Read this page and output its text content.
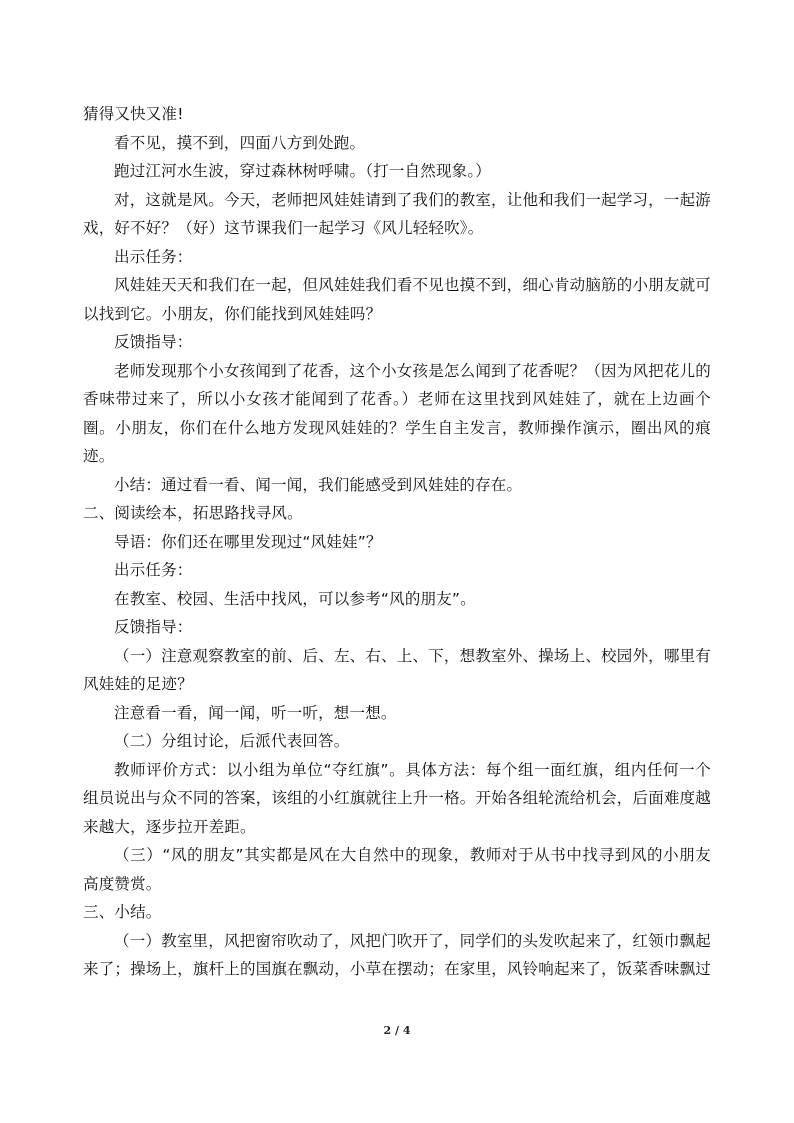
猜得又快又准!

看不见，摸不到，四面八方到处跑。

跑过江河水生波，穿过森林树呼啸。（打一自然现象。）

对，这就是风。今天，老师把风娃娃请到了我们的教室，让他和我们一起学习，一起游戏，好不好？（好）这节课我们一起学习《风儿轻轻吹》。

出示任务：

风娃娃天天和我们在一起，但风娃娃我们看不见也摸不到，细心肯动脑筋的小朋友就可以找到它。小朋友，你们能找到风娃娃吗？

反馈指导：

老师发现那个小女孩闻到了花香，这个小女孩是怎么闻到了花香呢？（因为风把花儿的香味带过来了，所以小女孩才能闻到了花香。）老师在这里找到风娃娃了，就在上边画个圈。小朋友，你们在什么地方发现风娃娃的？学生自主发言，教师操作演示，圈出风的痕迹。

小结：通过看一看、闻一闻，我们能感受到风娃娃的存在。

二、阅读绘本，拓思路找寻风。

导语：你们还在哪里发现过“风娃娃”？

出示任务：

在教室、校园、生活中找风，可以参考“风的朋友”。

反馈指导：

（一）注意观察教室的前、后、左、右、上、下，想教室外、操场上、校园外，哪里有风娃娃的足迹？

注意看一看，闻一闻，听一听，想一想。

（二）分组讨论，后派代表回答。

教师评价方式：以小组为单位“夺红旗”。具体方法：每个组一面红旗，组内任何一个组员说出与众不同的答案，该组的小红旗就往上升一格。开始各组轮流给机会，后面难度越来越大，逐步拉开差距。

（三）“风的朋友”其实都是风在大自然中的现象，教师对于从书中找寻到风的小朋友高度赞赏。

三、小结。

（一）教室里，风把窗帘吹动了，风把门吹开了，同学们的头发吹起来了，红领巾飘起来了；操场上，旗杆上的国旗在飘动，小草在摆动；在家里，风铃响起来了，饭菜香味飘过

2 / 4
